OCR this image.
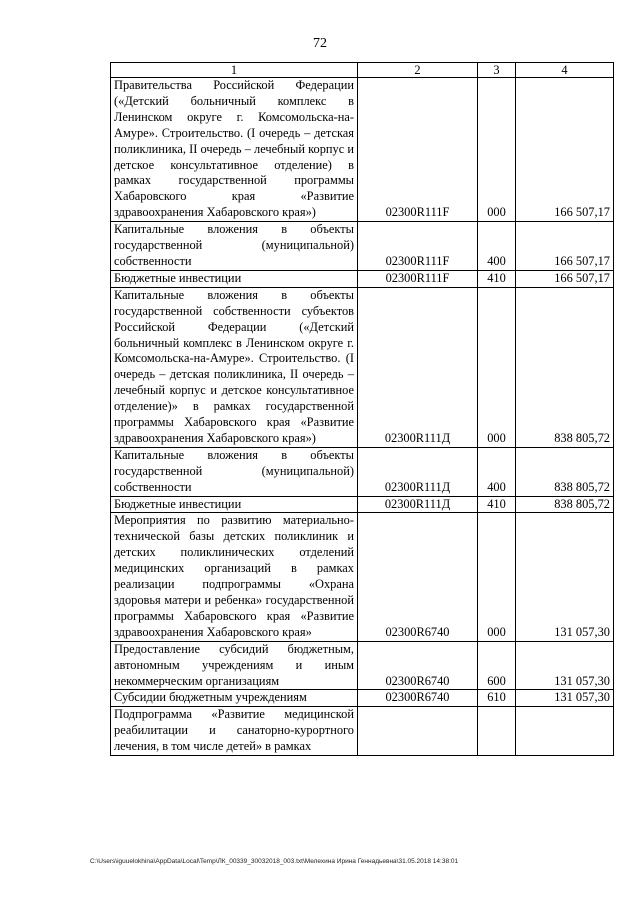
72
1	2	3	4
Правительства Российской Федерации («Детский больничный комплекс в Ленинском округе г. Комсомольска-на-Амуре». Строительство. (I очередь – детская поликлиника, II очередь – лечебный корпус и детское консультативное отделение) в рамках государственной программы Хабаровского края «Развитие здравоохранения Хабаровского края»)	02300R111F	000	166 507,17
Капитальные вложения в объекты государственной (муниципальной) собственности	02300R111F	400	166 507,17
Бюджетные инвестиции	02300R111F	410	166 507,17
Капитальные вложения в объекты государственной собственности субъектов Российской Федерации («Детский больничный комплекс в Ленинском округе г. Комсомольска-на-Амуре». Строительство. (I очередь – детская поликлиника, II очередь – лечебный корпус и детское консультативное отделение)» в рамках государственной программы Хабаровского края «Развитие здравоохранения Хабаровского края»)	02300R111Д	000	838 805,72
Капитальные вложения в объекты государственной (муниципальной) собственности	02300R111Д	400	838 805,72
Бюджетные инвестиции	02300R111Д	410	838 805,72
Мероприятия по развитию материально-технической базы детских поликлиник и детских поликлинических отделений медицинских организаций в рамках реализации подпрограммы «Охрана здоровья матери и ребенка» государственной программы Хабаровского края «Развитие здравоохранения Хабаровского края»	02300R6740	000	131 057,30
Предоставление субсидий бюджетным, автономным учреждениям и иным некоммерческим организациям	02300R6740	600	131 057,30
Субсидии бюджетным учреждениям	02300R6740	610	131 057,30
Подпрограмма «Развитие медицинской реабилитации и санаторно-курортного лечения, в том числе детей» в рамках			
C:\Users\iguuelokhina\AppData\Local\Temp\ЛК_00339_30032018_003.txt\Мелехина Ирина Геннадьевна\31.05.2018 14:38:01
